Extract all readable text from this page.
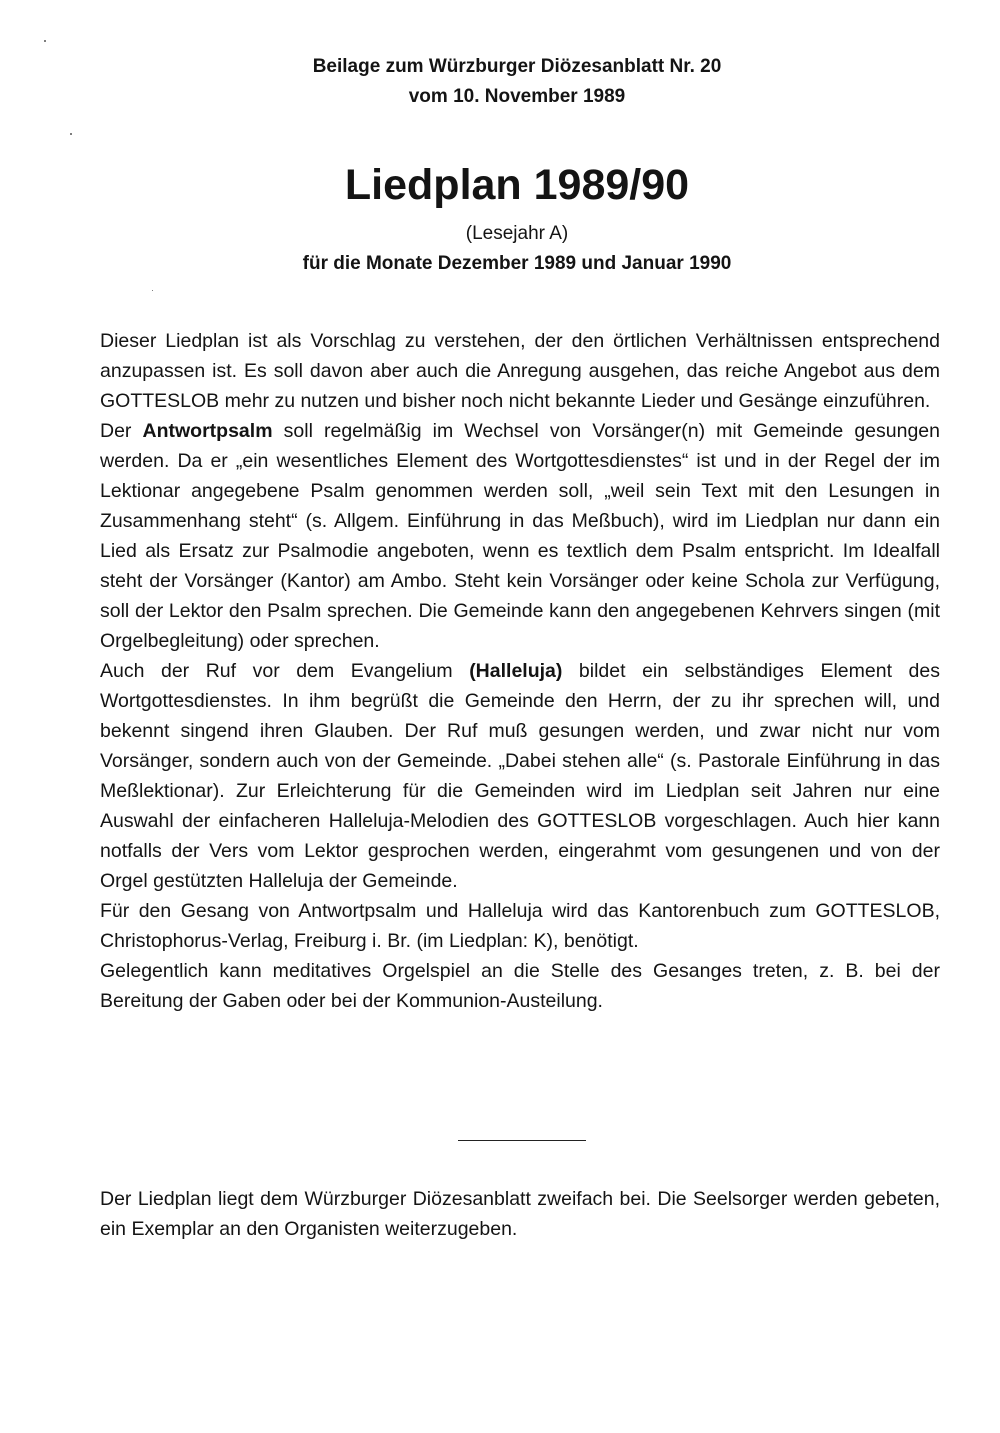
Beilage zum Würzburger Diözesanblatt Nr. 20
vom 10. November 1989
Liedplan 1989/90
(Lesejahr A)
für die Monate Dezember 1989 und Januar 1990

Dieser Liedplan ist als Vorschlag zu verstehen, der den örtlichen Verhältnissen entsprechend anzupassen ist. Es soll davon aber auch die Anregung ausgehen, das reiche Angebot aus dem GOTTESLOB mehr zu nutzen und bisher noch nicht bekannte Lieder und Gesänge einzuführen.

Der Antwortpsalm soll regelmäßig im Wechsel von Vorsänger(n) mit Gemeinde gesungen werden. Da er „ein wesentliches Element des Wortgottesdienstes“ ist und in der Regel der im Lektionar angegebene Psalm genommen werden soll, „weil sein Text mit den Lesungen in Zusammenhang steht“ (s. Allgem. Einführung in das Meßbuch), wird im Liedplan nur dann ein Lied als Ersatz zur Psalmodie angeboten, wenn es textlich dem Psalm entspricht. Im Idealfall steht der Vorsänger (Kantor) am Ambo. Steht kein Vorsänger oder keine Schola zur Verfügung, soll der Lektor den Psalm sprechen. Die Gemeinde kann den angegebenen Kehrvers singen (mit Orgelbegleitung) oder sprechen.

Auch der Ruf vor dem Evangelium (Halleluja) bildet ein selbständiges Element des Wortgottesdienstes. In ihm begrüßt die Gemeinde den Herrn, der zu ihr sprechen will, und bekennt singend ihren Glauben. Der Ruf muß gesungen werden, und zwar nicht nur vom Vorsänger, sondern auch von der Gemeinde. „Dabei stehen alle“ (s. Pastorale Einführung in das Meßlektionar). Zur Erleichterung für die Gemeinden wird im Liedplan seit Jahren nur eine Auswahl der einfacheren Halleluja-Melodien des GOTTESLOB vorgeschlagen. Auch hier kann notfalls der Vers vom Lektor gesprochen werden, eingerahmt vom gesungenen und von der Orgel gestützten Halleluja der Gemeinde.

Für den Gesang von Antwortpsalm und Halleluja wird das Kantorenbuch zum GOTTESLOB, Christophorus-Verlag, Freiburg i. Br. (im Liedplan: K), benötigt.

Gelegentlich kann meditatives Orgelspiel an die Stelle des Gesanges treten, z. B. bei der Bereitung der Gaben oder bei der Kommunion-Austeilung.

Der Liedplan liegt dem Würzburger Diözesanblatt zweifach bei. Die Seelsorger werden gebeten, ein Exemplar an den Organisten weiterzugeben.
